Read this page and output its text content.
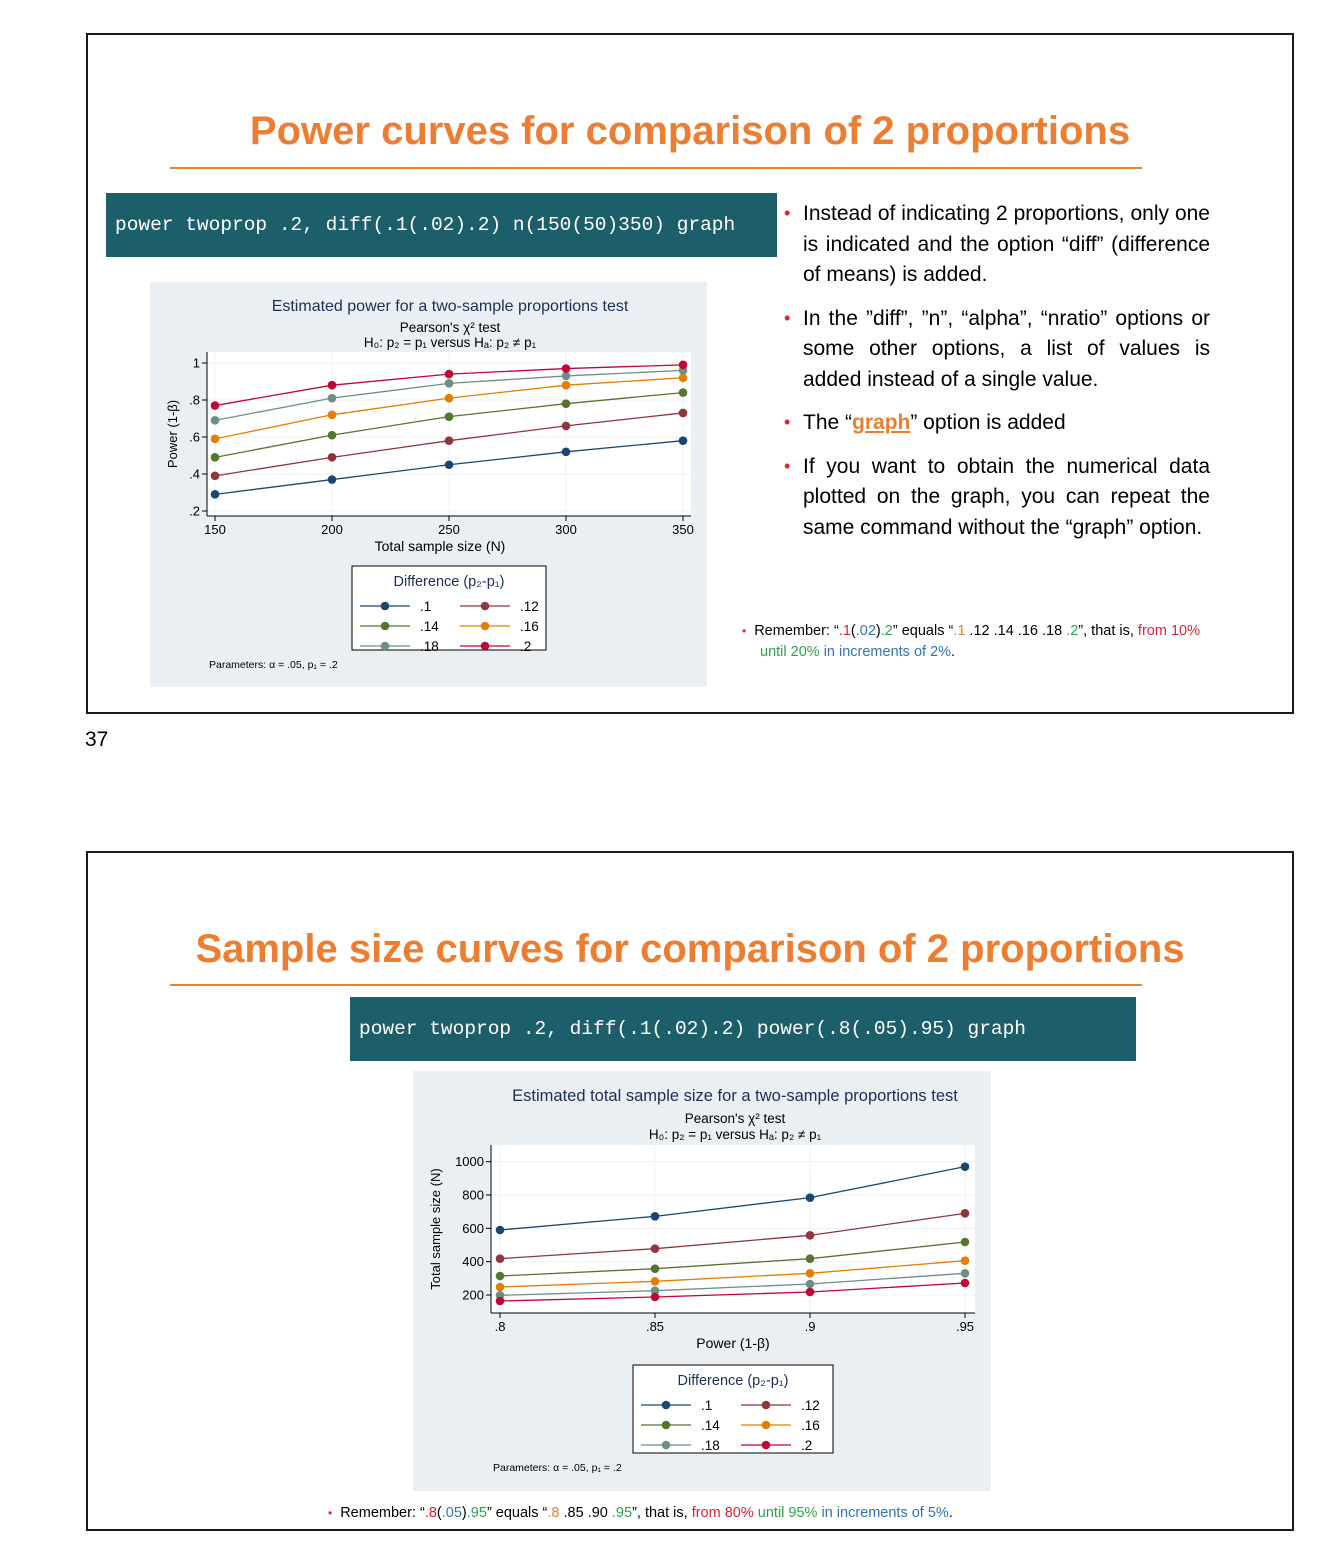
Power curves for comparison of 2 proportions
power twoprop .2, diff(.1(.02).2) n(150(50)350) graph
Estimated power for a two-sample proportions test
Pearson's χ² test
H₀: p₂ = p₁ versus Hₐ: p₂ ≠ p₁
.2
.4
.6
.8
1
150	200	250	300	350
Total sample size (N)
Power (1-β)
Difference (p₂-p₁)
.1	.12
.14	.16
.18	.2
Parameters: α = .05, p₁ = .2
• Instead of indicating 2 proportions, only one is indicated and the option “diff” (difference of means) is added.
• In the ”diff”, ”n”, “alpha”, “nratio” options or some other options, a list of values is added instead of a single value.
• The “graph” option is added
• If you want to obtain the numerical data plotted on the graph, you can repeat the same command without the “graph” option.
• Remember: “.1(.02).2” equals “.1 .12 .14 .16 .18 .2”, that is, from 10%
until 20% in increments of 2%.
37
Sample size curves for comparison of 2 proportions
power twoprop .2, diff(.1(.02).2) power(.8(.05).95) graph
Estimated total sample size for a two-sample proportions test
Pearson's χ² test
H₀: p₂ = p₁ versus Hₐ: p₂ ≠ p₁
200
400
600
800
1000
.8	.85	.9	.95
Power (1-β)
Total sample size (N)
Difference (p₂-p₁)
.1	.12
.14	.16
.18	.2
Parameters: α = .05, p₁ = .2
• Remember: “.8(.05).95” equals “.8 .85 .90 .95”, that is, from 80% until 95% in increments of 5%.
